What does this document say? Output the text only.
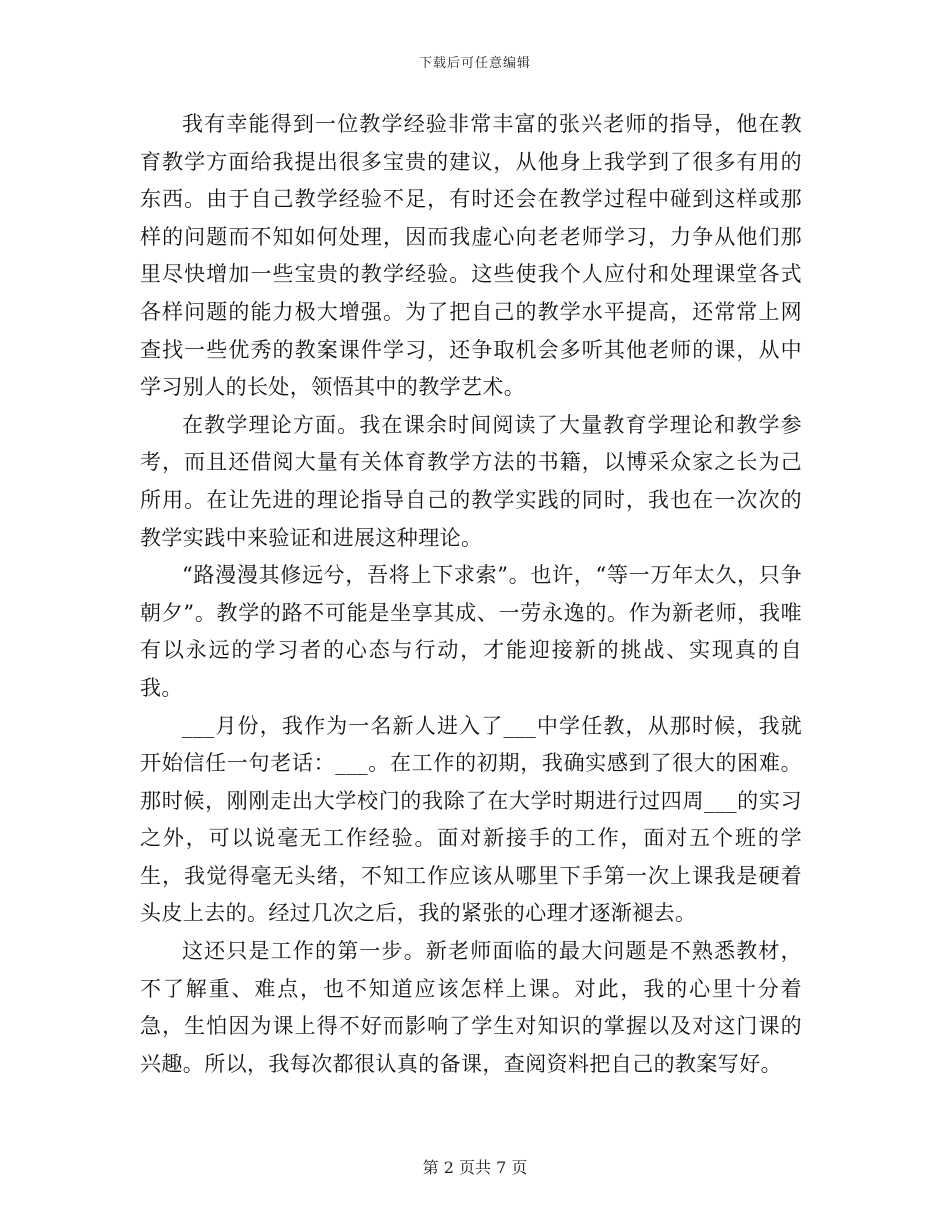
下载后可任意编辑

我有幸能得到一位教学经验非常丰富的张兴老师的指导，他在教育教学方面给我提出很多宝贵的建议，从他身上我学到了很多有用的东西。由于自己教学经验不足，有时还会在教学过程中碰到这样或那样的问题而不知如何处理，因而我虚心向老老师学习，力争从他们那里尽快增加一些宝贵的教学经验。这些使我个人应付和处理课堂各式各样问题的能力极大增强。为了把自己的教学水平提高，还常常上网查找一些优秀的教案课件学习，还争取机会多听其他老师的课，从中学习别人的长处，领悟其中的教学艺术。

在教学理论方面。我在课余时间阅读了大量教育学理论和教学参考，而且还借阅大量有关体育教学方法的书籍，以博采众家之长为己所用。在让先进的理论指导自己的教学实践的同时，我也在一次次的教学实践中来验证和进展这种理论。

“路漫漫其修远兮，吾将上下求索”。也许，“等一万年太久，只争朝夕”。教学的路不可能是坐享其成、一劳永逸的。作为新老师，我唯有以永远的学习者的心态与行动，才能迎接新的挑战、实现真的自我。

___月份，我作为一名新人进入了___中学任教，从那时候，我就开始信任一句老话：___。在工作的初期，我确实感到了很大的困难。那时候，刚刚走出大学校门的我除了在大学时期进行过四周___的实习之外，可以说毫无工作经验。面对新接手的工作，面对五个班的学生，我觉得毫无头绪，不知工作应该从哪里下手第一次上课我是硬着头皮上去的。经过几次之后，我的紧张的心理才逐渐褪去。

这还只是工作的第一步。新老师面临的最大问题是不熟悉教材，不了解重、难点，也不知道应该怎样上课。对此，我的心里十分着急，生怕因为课上得不好而影响了学生对知识的掌握以及对这门课的兴趣。所以，我每次都很认真的备课，查阅资料把自己的教案写好。

第 2 页共 7 页
